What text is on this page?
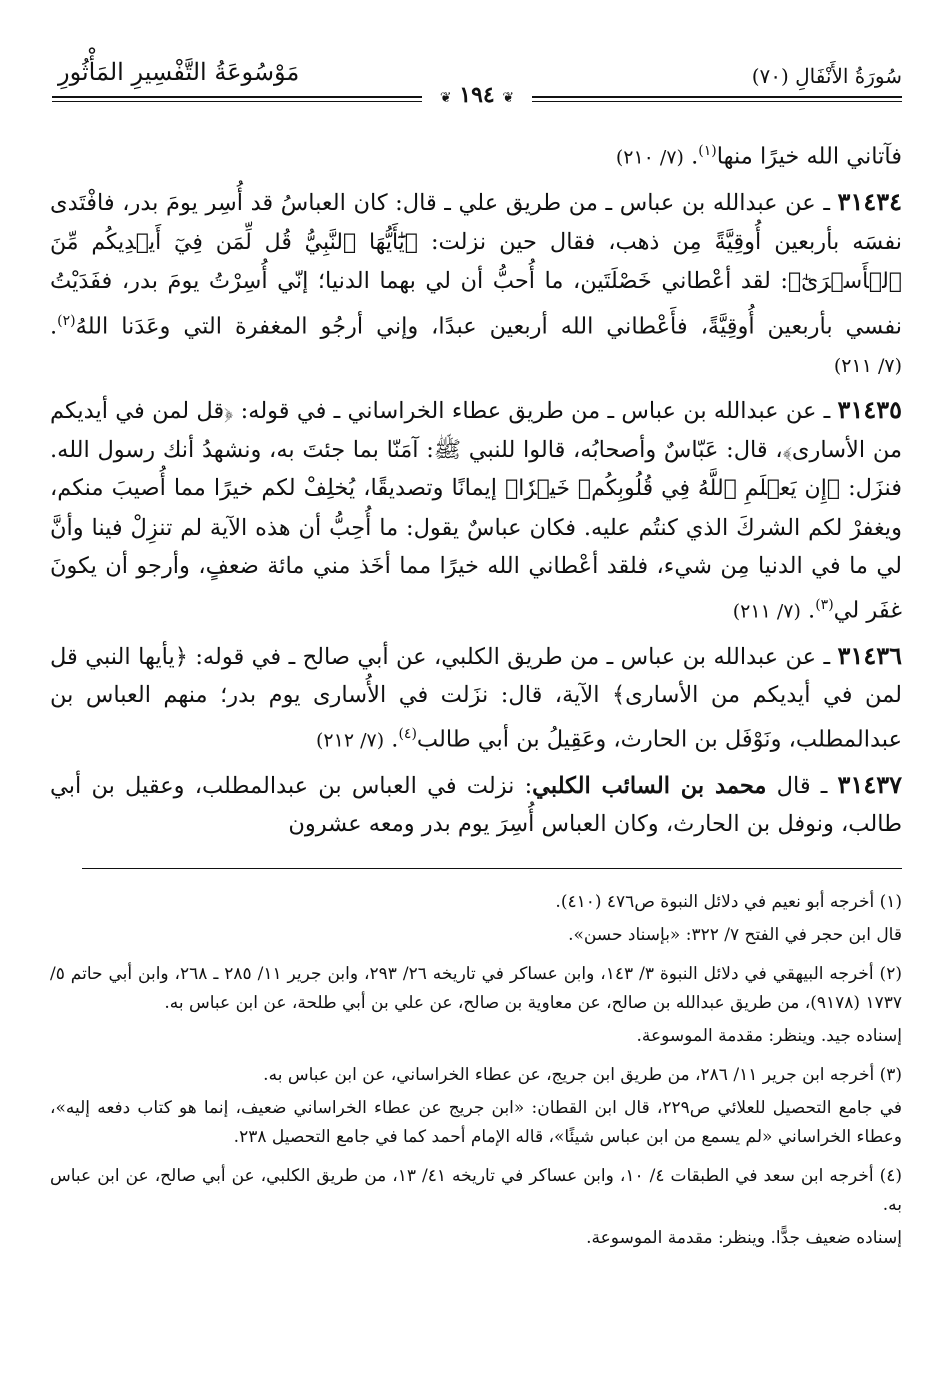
سُورَةُ الأَنْفَالِ (٧٠)
مَوْسُوعَةُ التَّفْسِيرِ المَأْثُورِ
❦ ١٩٤ ❦

فآتاني الله خيرًا منها$^{(١)}$. (٧/ ٢١٠)

٣١٤٣٤ ـ عن عبدالله بن عباس ـ من طريق علي ـ قال: كان العباسُ قد أُسِر يومَ بدر، فافْتَدى نفسَه بأربعين أُوقِيَّةً مِن ذهب، فقال حين نزلت: ﴿يَٰٓأَيُّهَا ٱلنَّبِيُّ قُل لِّمَن فِيٓ أَيۡدِيكُم مِّنَ ٱلۡأَسۡرَىٰٓ﴾: لقد أعْطاني خَصْلَتَين، ما أُحبُّ أن لي بهما الدنيا؛ إنّي أُسِرْتُ يومَ بدر، ففَدَيْتُ نفسي بأربعين أُوقِيَّةً، فأَعْطاني الله أربعين عبدًا، وإني أرجُو المغفرة التي وعَدَنا اللهُ$^{(٢)}$. (٧/ ٢١١)

٣١٤٣٥ ـ عن عبدالله بن عباس ـ من طريق عطاء الخراساني ـ في قوله: ﴿قل لمن في أيديكم من الأسارى﴾، قال: عَبّاسٌ وأصحابُه، قالوا للنبي ﷺ: آمَنّا بما جئتَ به، ونشهدُ أنك رسول الله. فنزَل: ﴿إِن يَعۡلَمِ ٱللَّهُ فِي قُلُوبِكُمۡ خَيۡرٗا﴾ إيمانًا وتصديقًا، يُخلِفْ لكم خيرًا مما أُصيبَ منكم، ويغفرْ لكم الشركَ الذي كنتُم عليه. فكان عباسٌ يقول: ما أُحِبُّ أن هذه الآية لم تنزِلْ فينا وأنَّ لي ما في الدنيا مِن شيء، فلقد أعْطاني الله خيرًا مما أخَذ مني مائة ضعفٍ، وأرجو أن يكونَ غفَر لي$^{(٣)}$. (٧/ ٢١١)

٣١٤٣٦ ـ عن عبدالله بن عباس ـ من طريق الكلبي، عن أبي صالح ـ في قوله: ﴿يأيها النبي قل لمن في أيديكم من الأسارى﴾ الآية، قال: نزَلت في الأُسارى يوم بدر؛ منهم العباس بن عبدالمطلب، ونَوْفَل بن الحارث، وعَقِيلُ بن أبي طالب$^{(٤)}$. (٧/ ٢١٢)

٣١٤٣٧ ـ قال محمد بن السائب الكلبي: نزلت في العباس بن عبدالمطلب، وعقيل بن أبي طالب، ونوفل بن الحارث، وكان العباس أُسِرَ يوم بدر ومعه عشرون

(١) أخرجه أبو نعيم في دلائل النبوة ص٤٧٦ (٤١٠).

قال ابن حجر في الفتح ٧/ ٣٢٢: «بإسناد حسن».

(٢) أخرجه البيهقي في دلائل النبوة ٣/ ١٤٣، وابن عساكر في تاريخه ٢٦/ ٢٩٣، وابن جرير ١١/ ٢٨٥ ـ ٢٦٨، وابن أبي حاتم ٥/ ١٧٣٧ (٩١٧٨)، من طريق عبدالله بن صالح، عن معاوية بن صالح، عن علي بن أبي طلحة، عن ابن عباس به.

إسناده جيد. وينظر: مقدمة الموسوعة.

(٣) أخرجه ابن جرير ١١/ ٢٨٦، من طريق ابن جريج، عن عطاء الخراساني، عن ابن عباس به.

في جامع التحصيل للعلائي ص٢٢٩، قال ابن القطان: «ابن جريج عن عطاء الخراساني ضعيف، إنما هو كتاب دفعه إليه»، وعطاء الخراساني «لم يسمع من ابن عباس شيئًا»، قاله الإمام أحمد كما في جامع التحصيل ٢٣٨.

(٤) أخرجه ابن سعد في الطبقات ٤/ ١٠، وابن عساكر في تاريخه ٤١/ ١٣، من طريق الكلبي، عن أبي صالح، عن ابن عباس به.

إسناده ضعيف جدًّا. وينظر: مقدمة الموسوعة.
